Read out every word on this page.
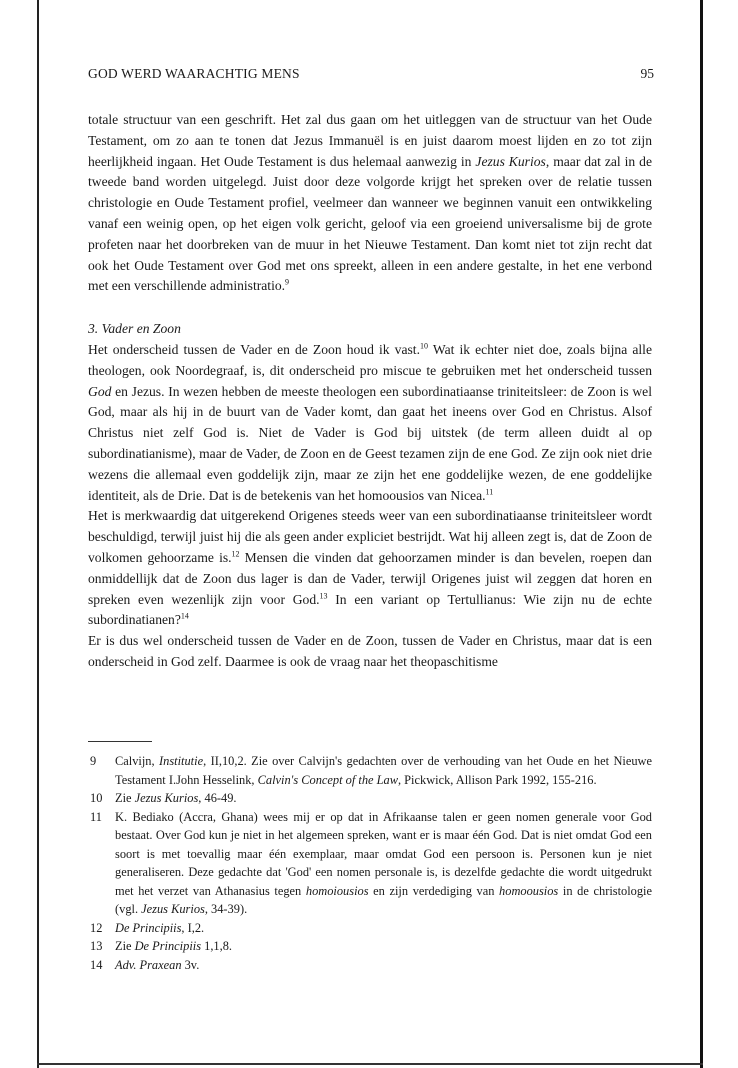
GOD WERD WAARACHTIG MENS	95

totale structuur van een geschrift. Het zal dus gaan om het uitleggen van de structuur van het Oude Testament, om zo aan te tonen dat Jezus Immanuël is en juist daarom moest lijden en zo tot zijn heerlijkheid ingaan. Het Oude Testament is dus helemaal aanwezig in Jezus Kurios, maar dat zal in de tweede band worden uitgelegd. Juist door deze volgorde krijgt het spreken over de relatie tussen christologie en Oude Testament profiel, veelmeer dan wanneer we beginnen vanuit een ontwikkeling vanaf een weinig open, op het eigen volk gericht, geloof via een groeiend universalisme bij de grote profeten naar het doorbreken van de muur in het Nieuwe Testament. Dan komt niet tot zijn recht dat ook het Oude Testament over God met ons spreekt, alleen in een andere gestalte, in het ene verbond met een verschillende administratio.$^9$

3. Vader en Zoon

Het onderscheid tussen de Vader en de Zoon houd ik vast.$^{10}$ Wat ik echter niet doe, zoals bijna alle theologen, ook Noordegraaf, is, dit onderscheid pro miscue te gebruiken met het onderscheid tussen God en Jezus. In wezen hebben de meeste theologen een subordinatiaanse triniteitsleer: de Zoon is wel God, maar als hij in de buurt van de Vader komt, dan gaat het ineens over God en Christus. Alsof Christus niet zelf God is. Niet de Vader is God bij uitstek (de term alleen duidt al op subordinatianisme), maar de Vader, de Zoon en de Geest tezamen zijn de ene God. Ze zijn ook niet drie wezens die allemaal even goddelijk zijn, maar ze zijn het ene goddelijke wezen, de ene goddelijke identiteit, als de Drie. Dat is de betekenis van het homoousios van Nicea.$^{11}$

Het is merkwaardig dat uitgerekend Origenes steeds weer van een subordinatiaanse triniteitsleer wordt beschuldigd, terwijl juist hij die als geen ander expliciet bestrijdt. Wat hij alleen zegt is, dat de Zoon de volkomen gehoorzame is.$^{12}$ Mensen die vinden dat gehoorzamen minder is dan bevelen, roepen dan onmiddellijk dat de Zoon dus lager is dan de Vader, terwijl Origenes juist wil zeggen dat horen en spreken even wezenlijk zijn voor God.$^{13}$ In een variant op Tertullianus: Wie zijn nu de echte subordinatianen?$^{14}$

Er is dus wel onderscheid tussen de Vader en de Zoon, tussen de Vader en Christus, maar dat is een onderscheid in God zelf. Daarmee is ook de vraag naar het theopaschitisme

9 Calvijn, Institutie, II,10,2. Zie over Calvijn's gedachten over de verhouding van het Oude en het Nieuwe Testament I.John Hesselink, Calvin's Concept of the Law, Pickwick, Allison Park 1992, 155-216.
10 Zie Jezus Kurios, 46-49.
11 K. Bediako (Accra, Ghana) wees mij er op dat in Afrikaanse talen er geen nomen generale voor God bestaat. Over God kun je niet in het algemeen spreken, want er is maar één God. Dat is niet omdat God een soort is met toevallig maar één exemplaar, maar omdat God een persoon is. Personen kun je niet generaliseren. Deze gedachte dat 'God' een nomen personale is, is dezelfde gedachte die wordt uitgedrukt met het verzet van Athanasius tegen homoiousios en zijn verdediging van homoousios in de christologie (vgl. Jezus Kurios, 34-39).
12 De Principiis, I,2.
13 Zie De Principiis 1,1,8.
14 Adv. Praxean 3v.
